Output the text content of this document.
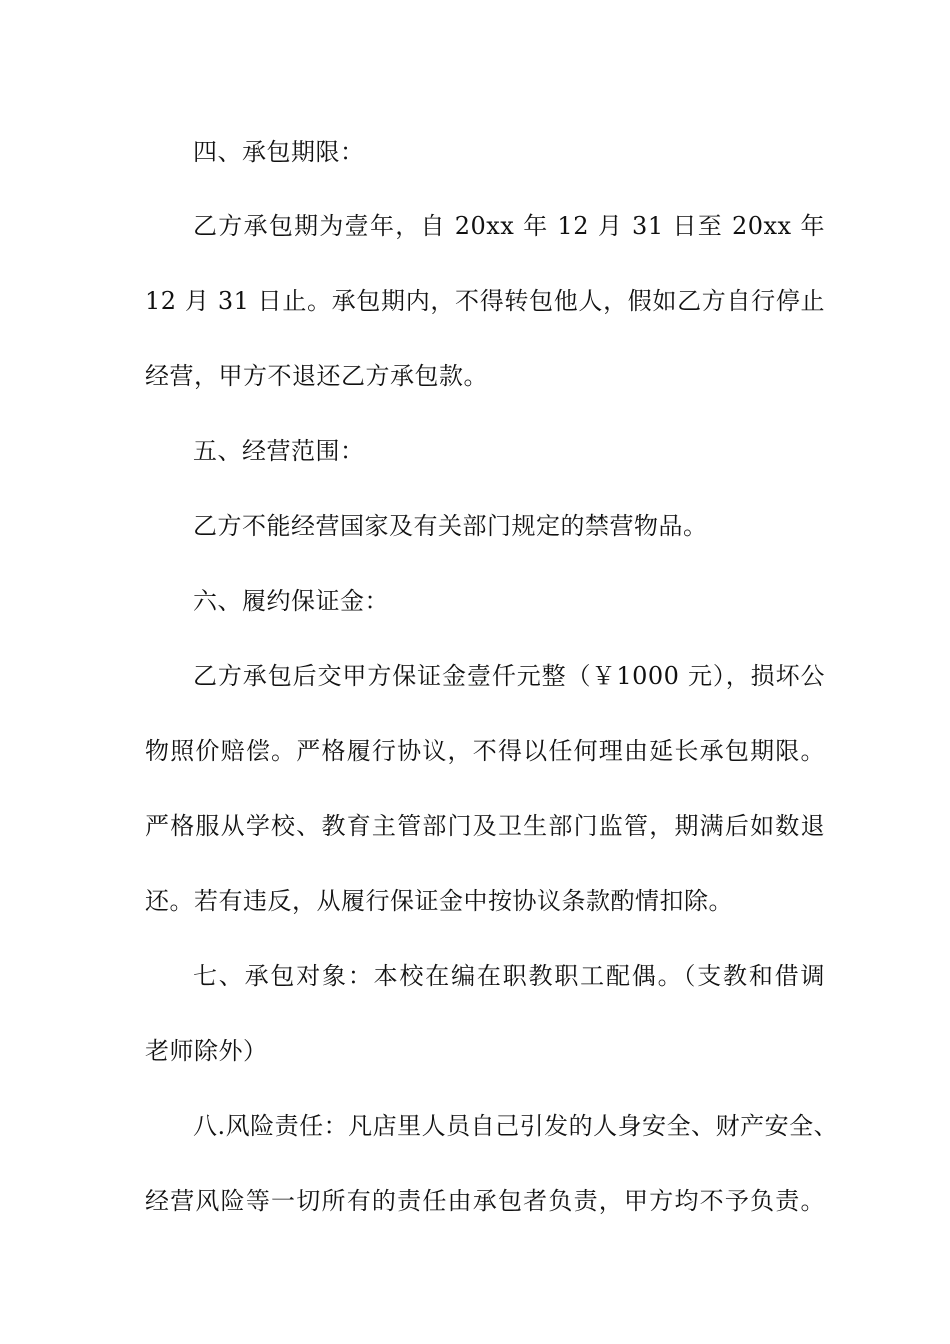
四、承包期限：
乙方承包期为壹年，自 20xx 年 12 月 31 日至 20xx 年
12 月 31 日止。承包期内，不得转包他人，假如乙方自行停止
经营，甲方不退还乙方承包款。
五、经营范围：
乙方不能经营国家及有关部门规定的禁营物品。
六、履约保证金：
乙方承包后交甲方保证金壹仟元整（￥1000 元），损坏公
物照价赔偿。严格履行协议，不得以任何理由延长承包期限。
严格服从学校、教育主管部门及卫生部门监管，期满后如数退
还。若有违反，从履行保证金中按协议条款酌情扣除。
七、承包对象：本校在编在职教职工配偶。（支教和借调
老师除外）
八.风险责任：凡店里人员自己引发的人身安全、财产安全、
经营风险等一切所有的责任由承包者负责，甲方均不予负责。
